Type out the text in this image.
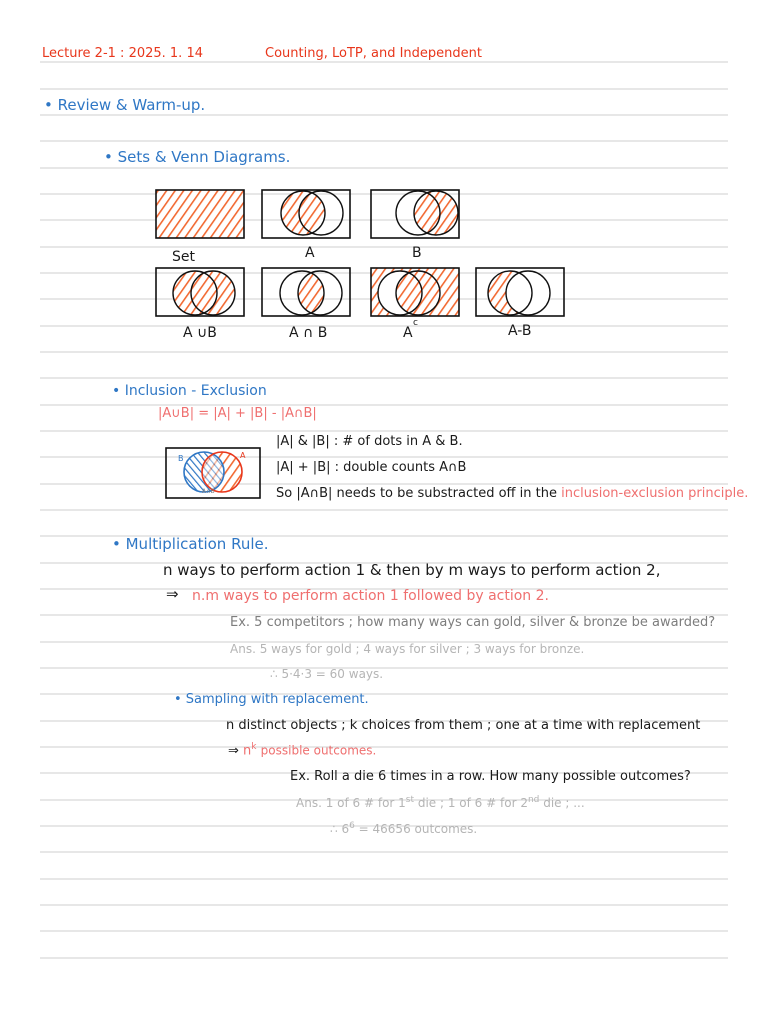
Lecture 2-1 : 2025. 1. 14	Counting, LoTP, and Independent
• Review & Warm-up.
• Sets & Venn Diagrams.
Set	A	B
A ∪B	A ∩ B	A
c	A-B
• Inclusion - Exclusion
|A∪B| = |A| + |B| - |A∩B|
|A| & |B| : # of dots in A & B.
|A| + |B| : double counts A∩B
So |A∩B| needs to be substracted off in the inclusion-exclusion principle.
B	A
A∩B
• Multiplication Rule.
n ways to perform action 1 & then by m ways to perform action 2,
⇒ n.m ways to perform action 1 followed by action 2.
Ex. 5 competitors ; how many ways can gold, silver & bronze be awarded?
Ans. 5 ways for gold ; 4 ways for silver ; 3 ways for bronze.
∴ 5·4·3 = 60 ways.
• Sampling with replacement.
n distinct objects ; k choices from them ; one at a time with replacement
⇒ $n^k$ possible outcomes.
Ex. Roll a die 6 times in a row. How many possible outcomes?
Ans. 1 of 6 # for 1st die ; 1 of 6 # for 2nd die ; ...
∴ $6^6 = 46656$ outcomes.
